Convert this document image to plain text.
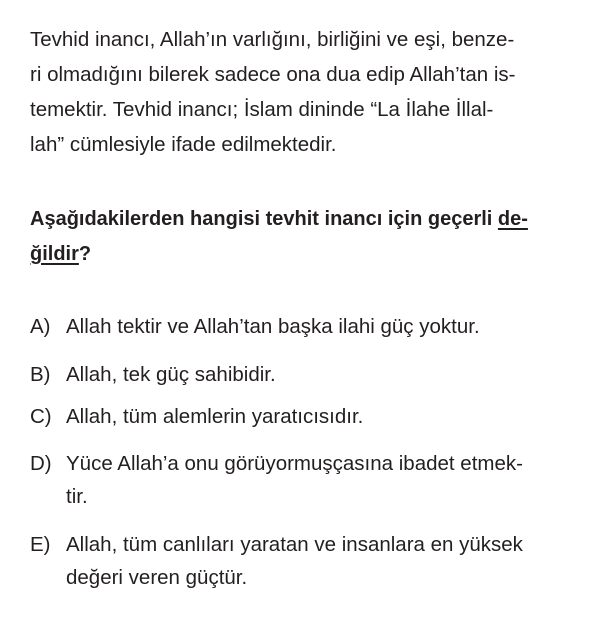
Tevhid inancı, Allah’ın varlığını, birliğini ve eşi, benze-
ri olmadığını bilerek sadece ona dua edip Allah’tan is-
temektir. Tevhid inancı; İslam dininde “La İlahe İllal-
lah” cümlesiyle ifade edilmektedir.
Aşağıdakilerden hangisi tevhit inancı için geçerli de-
ğildir?
A) Allah tektir ve Allah’tan başka ilahi güç yoktur.
B) Allah, tek güç sahibidir.
C) Allah, tüm alemlerin yaratıcısıdır.
D) Yüce Allah’a onu görüyormuşçasına ibadet etmek-
tir.
E) Allah, tüm canlıları yaratan ve insanlara en yüksek
değeri veren güçtür.
